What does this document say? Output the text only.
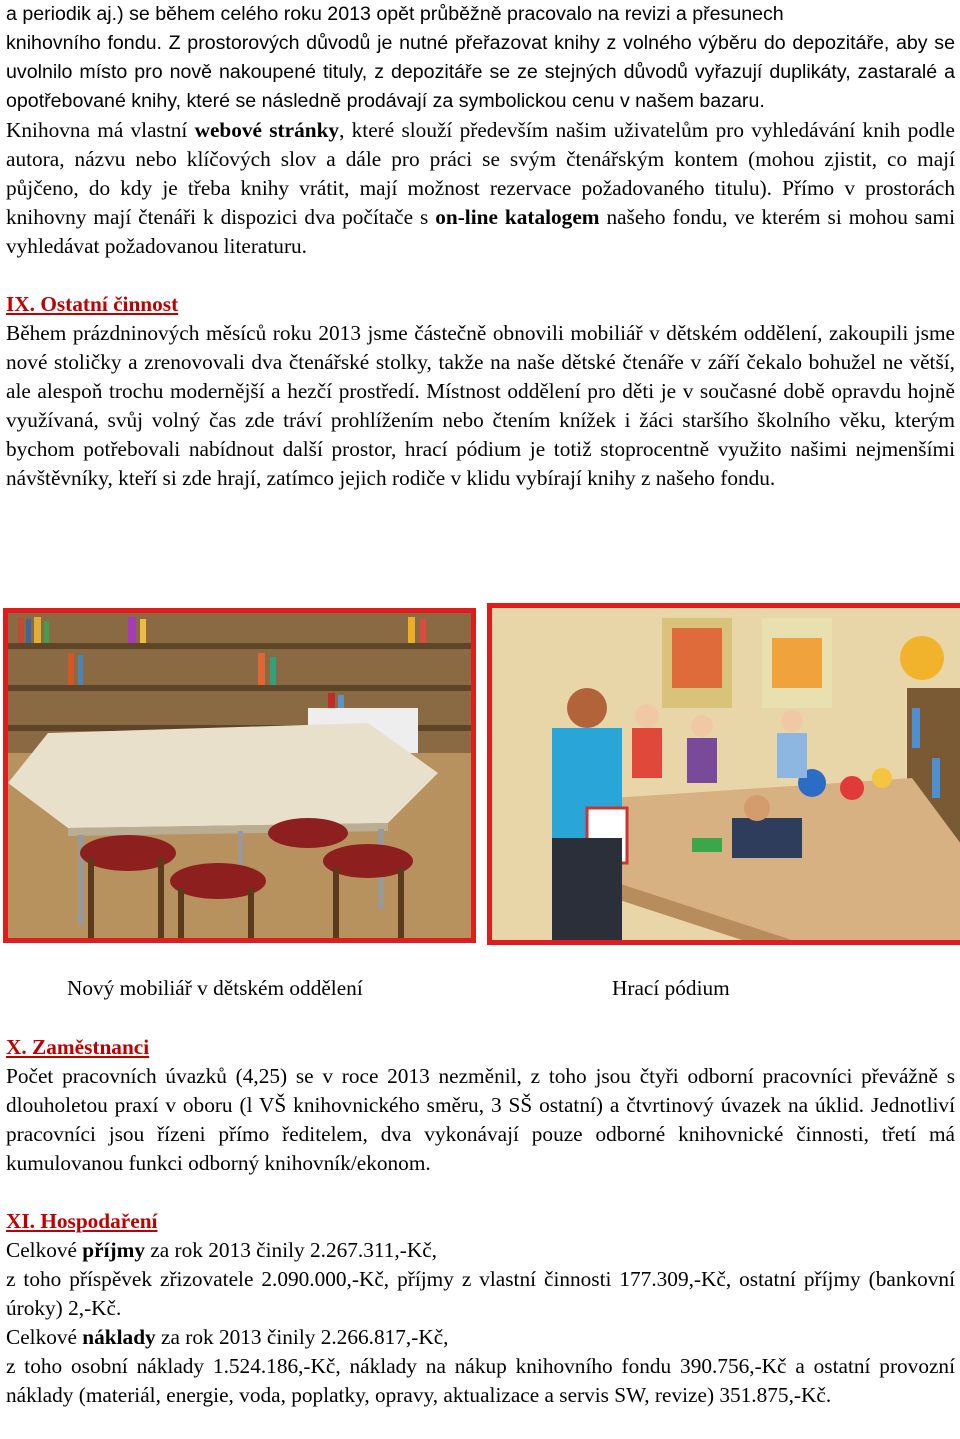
a periodik aj.) se během celého roku 2013 opět průběžně pracovalo na revizi a přesunech
knihovního fondu. Z prostorových důvodů je nutné přeřazovat knihy z volného výběru do depozitáře, aby se uvolnilo místo pro nově nakoupené tituly, z depozitáře se ze stejných důvodů vyřazují duplikáty, zastaralé a opotřebované knihy, které se následně prodávají za symbolickou cenu v našem bazaru.

Knihovna má vlastní webové stránky, které slouží především našim uživatelům pro vyhledávání knih podle autora, názvu nebo klíčových slov a dále pro práci se svým čtenářským kontem (mohou zjistit, co mají půjčeno, do kdy je třeba knihy vrátit, mají možnost rezervace požadovaného titulu). Přímo v prostorách knihovny mají čtenáři k dispozici dva počítače s on-line katalogem našeho fondu, ve kterém si mohou sami vyhledávat požadovanou literaturu.

IX. Ostatní činnost

Během prázdninových měsíců roku 2013 jsme částečně obnovili mobiliář v dětském oddělení, zakoupili jsme nové stoličky a zrenovovali dva čtenářské stolky, takže na naše dětské čtenáře v září čekalo bohužel ne větší, ale alespoň trochu modernější a hezčí prostředí. Místnost oddělení pro děti je v současné době opravdu hojně využívaná, svůj volný čas zde tráví prohlížením nebo čtením knížek i žáci staršího školního věku, kterým bychom potřebovali nabídnout další prostor, hrací pódium je totiž stoprocentně využito našimi nejmenšími návštěvníky, kteří si zde hrají, zatímco jejich rodiče v klidu vybírají knihy z našeho fondu.

Nový mobiliář v dětském oddělení	Hrací pódium

X. Zaměstnanci

Počet pracovních úvazků (4,25) se v roce 2013 nezměnil, z toho jsou čtyři odborní pracovníci převážně s dlouholetou praxí v oboru (l VŠ knihovnického směru, 3 SŠ ostatní) a čtvrtinový úvazek na úklid. Jednotliví pracovníci jsou řízeni přímo ředitelem, dva vykonávají pouze odborné knihovnické činnosti, třetí má kumulovanou funkci odborný knihovník/ekonom.

XI. Hospodaření

Celkové příjmy za rok 2013 činily 2.267.311,-Kč,

z toho příspěvek zřizovatele 2.090.000,-Kč, příjmy z vlastní činnosti 177.309,-Kč, ostatní příjmy (bankovní úroky) 2,-Kč.

Celkové náklady za rok 2013 činily 2.266.817,-Kč,

z toho osobní náklady 1.524.186,-Kč, náklady na nákup knihovního fondu 390.756,-Kč a ostatní provozní náklady (materiál, energie, voda, poplatky, opravy, aktualizace a servis SW, revize) 351.875,-Kč.
